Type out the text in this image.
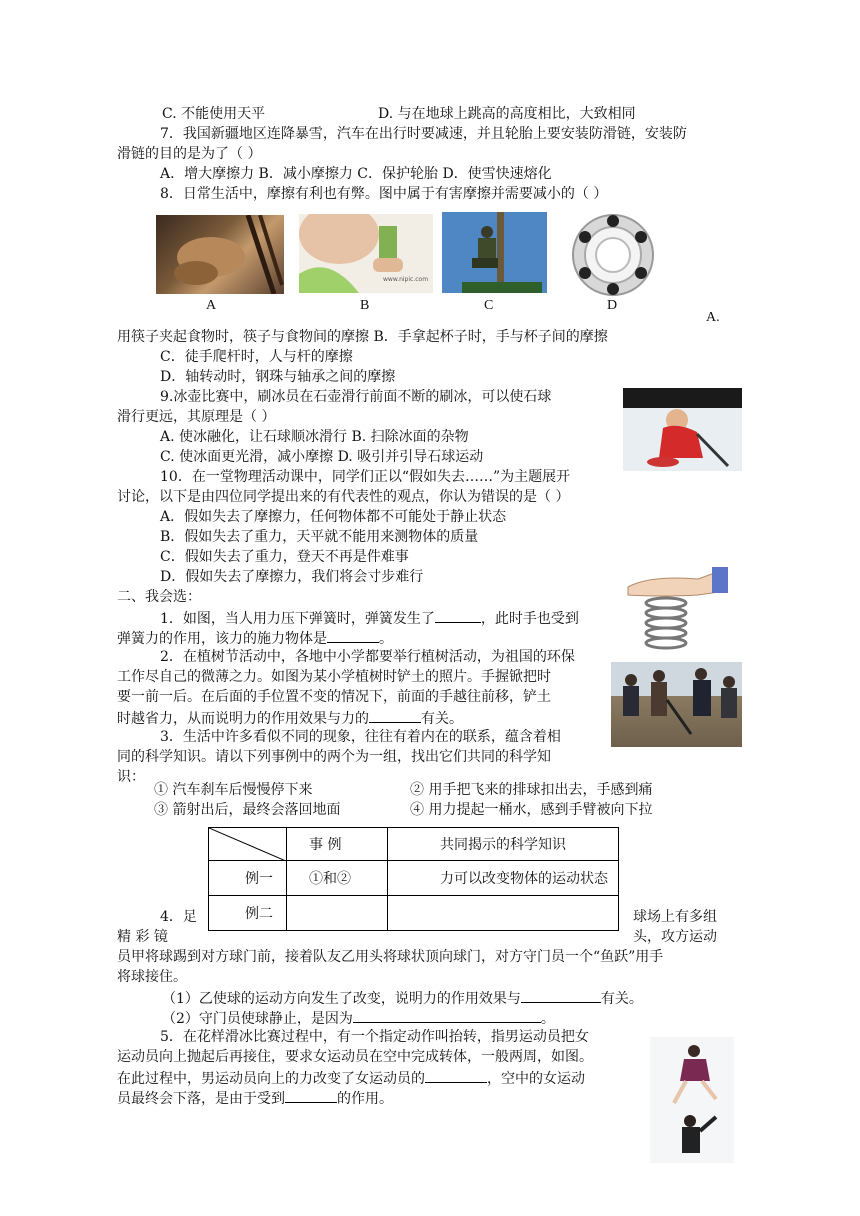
C. 不能使用天平	D. 与在地球上跳高的高度相比，大致相同
7．我国新疆地区连降暴雪，汽车在出行时要减速，并且轮胎上要安装防滑链，安装防
滑链的目的是为了（ ）
A．增大摩擦力 B．减小摩擦力 C．保护轮胎 D．使雪快速熔化
8．日常生活中，摩擦有利也有弊。图中属于有害摩擦并需要减小的（ ）
www.nipic.com
A	B	C	D
A.
用筷子夹起食物时，筷子与食物间的摩擦 B．手拿起杯子时，手与杯子间的摩擦
C．徒手爬杆时，人与杆的摩擦
D．轴转动时，钢珠与轴承之间的摩擦
9.冰壶比赛中，刷冰员在石壶滑行前面不断的刷冰，可以使石球
滑行更远，其原理是（ ）
A. 使冰融化，让石球顺冰滑行 B. 扫除冰面的杂物
C. 使冰面更光滑，减小摩擦 D. 吸引并引导石球运动
10．在一堂物理活动课中，同学们正以“假如失去……”为主题展开
讨论，以下是由四位同学提出来的有代表性的观点，你认为错误的是（ ）
A．假如失去了摩擦力，任何物体都不可能处于静止状态
B．假如失去了重力，天平就不能用来测物体的质量
C．假如失去了重力，登天不再是件难事
D．假如失去了摩擦力，我们将会寸步难行
二、我会选：
1．如图，当人用力压下弹簧时，弹簧发生了	，此时手也受到
弹簧力的作用，该力的施力物体是	。
2．在植树节活动中，各地中小学都要举行植树活动，为祖国的环保
工作尽自己的微薄之力。如图为某小学植树时铲土的照片。手握锨把时
要一前一后。在后面的手位置不变的情况下，前面的手越往前移，铲土
时越省力，从而说明力的作用效果与力的	有关。
3．生活中许多看似不同的现象，往往有着内在的联系，蕴含着相
同的科学知识。请以下列事例中的两个为一组，找出它们共同的科学知
识：
① 汽车刹车后慢慢停下来	② 用手把飞来的排球扣出去，手感到痛
③ 箭射出后，最终会落回地面	④ 用力提起一桶水，感到手臂被向下拉
	事 例	共同揭示的科学知识
例一	①和②	力可以改变物体的运动状态
例二		
4．足	球场上有多组
精 彩 镜	头，攻方运动
员甲将球踢到对方球门前，接着队友乙用头将球状顶向球门，对方守门员一个“鱼跃”用手
将球接住。
（1）乙使球的运动方向发生了改变，说明力的作用效果与	有关。
（2）守门员使球静止，是因为	。
5．在花样滑冰比赛过程中，有一个指定动作叫抬转，指男运动员把女
运动员向上抛起后再接住，要求女运动员在空中完成转体，一般两周，如图。
在此过程中，男运动员向上的力改变了女运动员的	，空中的女运动
员最终会下落，是由于受到	的作用。
